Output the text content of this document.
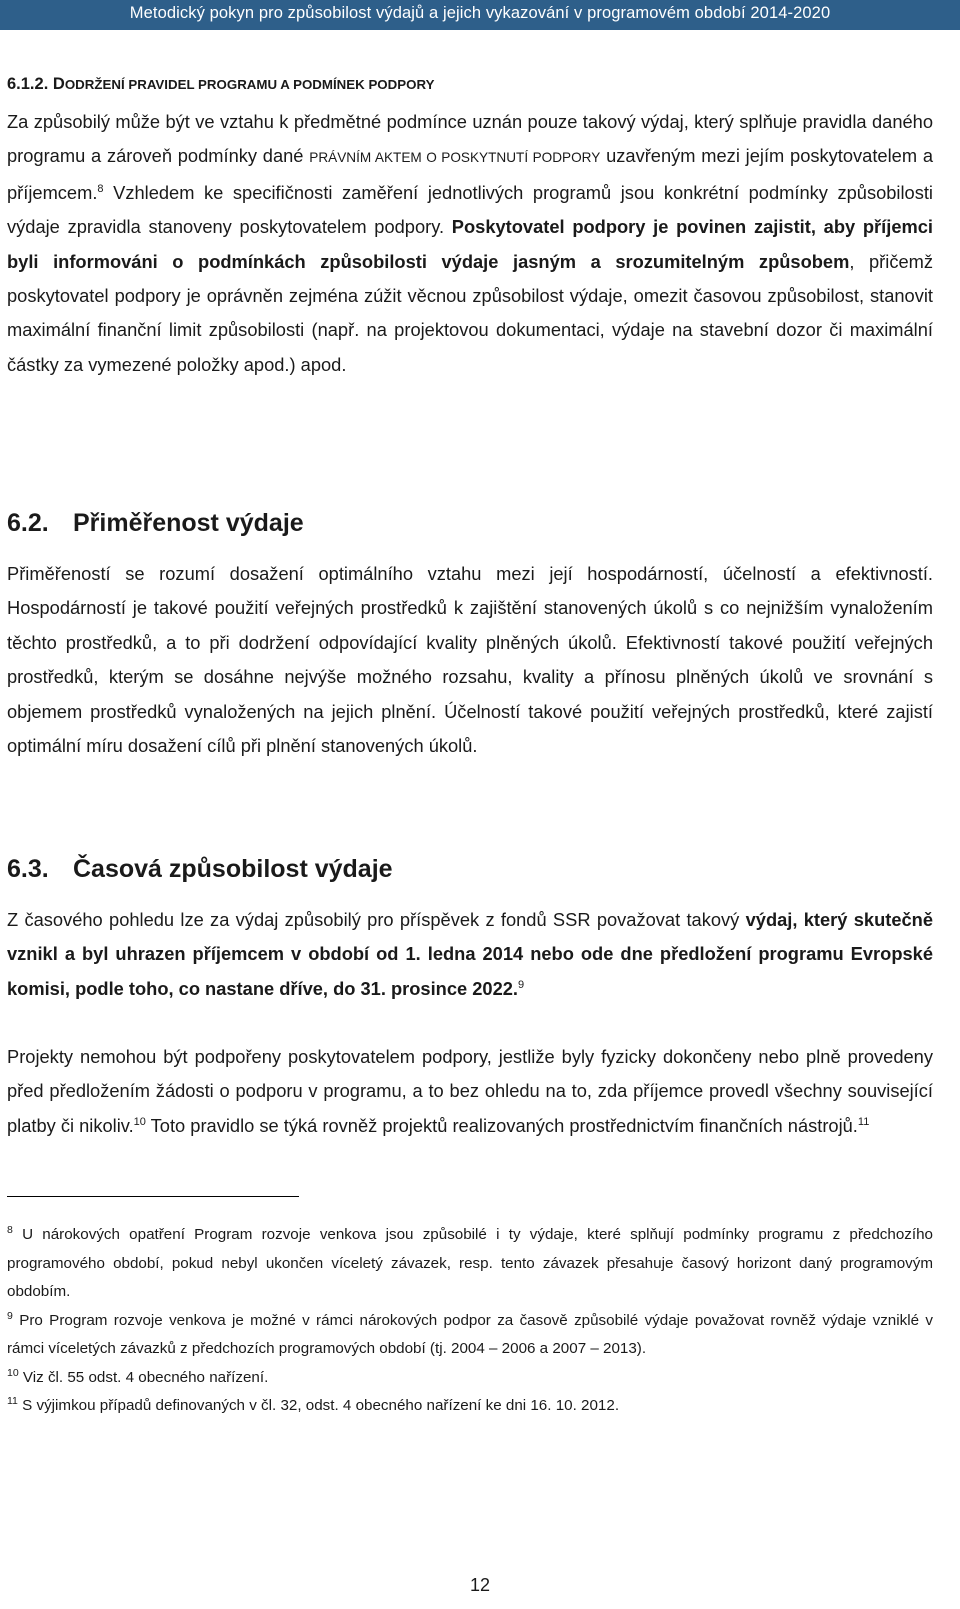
Metodický pokyn pro způsobilost výdajů a jejich vykazování v programovém období 2014-2020
6.1.2. DODRŽENÍ PRAVIDEL PROGRAMU A PODMÍNEK PODPORY

Za způsobilý může být ve vztahu k předmětné podmínce uznán pouze takový výdaj, který splňuje pravidla daného programu a zároveň podmínky dané PRÁVNÍM AKTEM O POSKYTNUTÍ PODPORY uzavřeným mezi jejím poskytovatelem a příjemcem.$^8$ Vzhledem ke specifičnosti zaměření jednotlivých programů jsou konkrétní podmínky způsobilosti výdaje zpravidla stanoveny poskytovatelem podpory. Poskytovatel podpory je povinen zajistit, aby příjemci byli informováni o podmínkách způsobilosti výdaje jasným a srozumitelným způsobem, přičemž poskytovatel podpory je oprávněn zejména zúžit věcnou způsobilost výdaje, omezit časovou způsobilost, stanovit maximální finanční limit způsobilosti (např. na projektovou dokumentaci, výdaje na stavební dozor či maximální částky za vymezené položky apod.) apod.

6.2. Přiměřenost výdaje

Přiměřeností se rozumí dosažení optimálního vztahu mezi její hospodárností, účelností a efektivností. Hospodárností je takové použití veřejných prostředků k zajištění stanovených úkolů s co nejnižším vynaložením těchto prostředků, a to při dodržení odpovídající kvality plněných úkolů. Efektivností takové použití veřejných prostředků, kterým se dosáhne nejvýše možného rozsahu, kvality a přínosu plněných úkolů ve srovnání s objemem prostředků vynaložených na jejich plnění. Účelností takové použití veřejných prostředků, které zajistí optimální míru dosažení cílů při plnění stanovených úkolů.

6.3. Časová způsobilost výdaje

Z časového pohledu lze za výdaj způsobilý pro příspěvek z fondů SSR považovat takový výdaj, který skutečně vznikl a byl uhrazen příjemcem v období od 1. ledna 2014 nebo ode dne předložení programu Evropské komisi, podle toho, co nastane dříve, do 31. prosince 2022.$^9$

Projekty nemohou být podpořeny poskytovatelem podpory, jestliže byly fyzicky dokončeny nebo plně provedeny před předložením žádosti o podporu v programu, a to bez ohledu na to, zda příjemce provedl všechny související platby či nikoliv.$^{10}$ Toto pravidlo se týká rovněž projektů realizovaných prostřednictvím finančních nástrojů.$^{11}$

$^8$ U nárokových opatření Program rozvoje venkova jsou způsobilé i ty výdaje, které splňují podmínky programu z předchozího programového období, pokud nebyl ukončen víceletý závazek, resp. tento závazek přesahuje časový horizont daný programovým obdobím.

$^9$ Pro Program rozvoje venkova je možné v rámci nárokových podpor za časově způsobilé výdaje považovat rovněž výdaje vzniklé v rámci víceletých závazků z předchozích programových období (tj. 2004 – 2006 a 2007 – 2013).

$^{10}$ Viz čl. 55 odst. 4 obecného nařízení.

$^{11}$ S výjimkou případů definovaných v čl. 32, odst. 4 obecného nařízení ke dni 16. 10. 2012.

12
